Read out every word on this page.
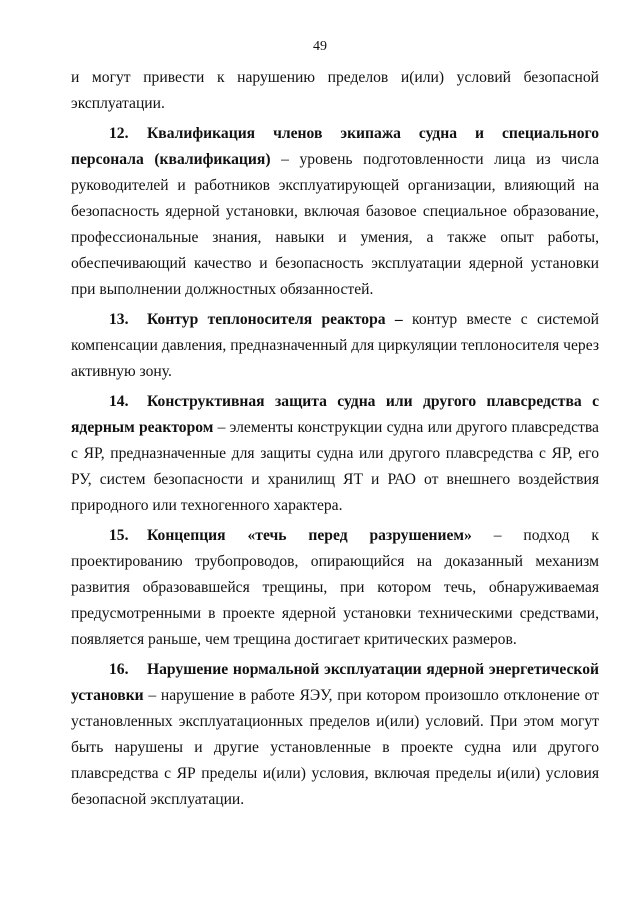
49

и могут привести к нарушению пределов и(или) условий безопасной эксплуатации.

12. Квалификация членов экипажа судна и специального персонала (квалификация) – уровень подготовленности лица из числа руководителей и работников эксплуатирующей организации, влияющий на безопасность ядерной установки, включая базовое специальное образование, профессиональные знания, навыки и умения, а также опыт работы, обеспечивающий качество и безопасность эксплуатации ядерной установки при выполнении должностных обязанностей.

13. Контур теплоносителя реактора – контур вместе с системой компенсации давления, предназначенный для циркуляции теплоносителя через активную зону.

14. Конструктивная защита судна или другого плавсредства с ядерным реактором – элементы конструкции судна или другого плавсредства с ЯР, предназначенные для защиты судна или другого плавсредства с ЯР, его РУ, систем безопасности и хранилищ ЯТ и РАО от внешнего воздействия природного или техногенного характера.

15. Концепция «течь перед разрушением» – подход к проектированию трубопроводов, опирающийся на доказанный механизм развития образовавшейся трещины, при котором течь, обнаруживаемая предусмотренными в проекте ядерной установки техническими средствами, появляется раньше, чем трещина достигает критических размеров.

16. Нарушение нормальной эксплуатации ядерной энергетической установки – нарушение в работе ЯЭУ, при котором произошло отклонение от установленных эксплуатационных пределов и(или) условий. При этом могут быть нарушены и другие установленные в проекте судна или другого плавсредства с ЯР пределы и(или) условия, включая пределы и(или) условия безопасной эксплуатации.
